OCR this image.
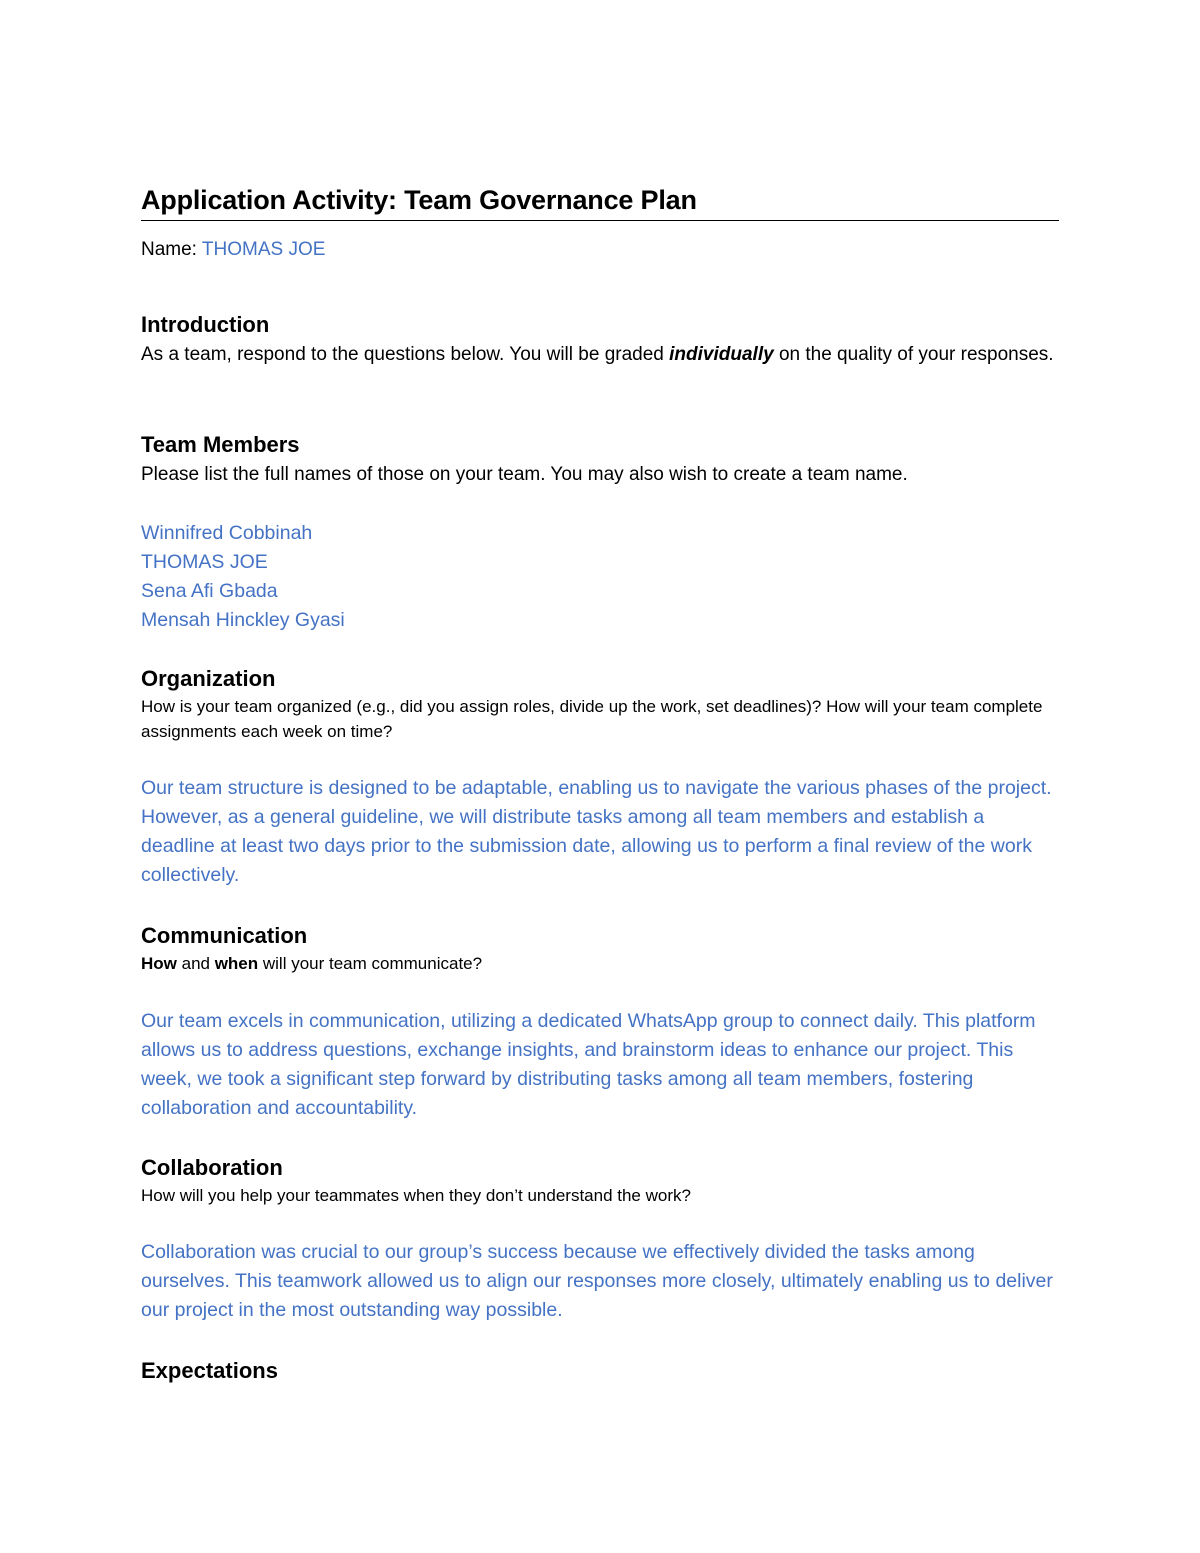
Application Activity: Team Governance Plan
Name: THOMAS JOE
Introduction

As a team, respond to the questions below. You will be graded individually on the quality of your responses.

Team Members

Please list the full names of those on your team. You may also wish to create a team name.

Winnifred Cobbinah
THOMAS JOE
Sena Afi Gbada
Mensah Hinckley Gyasi
Organization

How is your team organized (e.g., did you assign roles, divide up the work, set deadlines)? How will your team complete assignments each week on time?

Our team structure is designed to be adaptable, enabling us to navigate the various phases of the project. However, as a general guideline, we will distribute tasks among all team members and establish a deadline at least two days prior to the submission date, allowing us to perform a final review of the work collectively.

Communication

How and when will your team communicate?

Our team excels in communication, utilizing a dedicated WhatsApp group to connect daily. This platform allows us to address questions, exchange insights, and brainstorm ideas to enhance our project. This week, we took a significant step forward by distributing tasks among all team members, fostering collaboration and accountability.

Collaboration

How will you help your teammates when they don’t understand the work?

Collaboration was crucial to our group’s success because we effectively divided the tasks among ourselves. This teamwork allowed us to align our responses more closely, ultimately enabling us to deliver our project in the most outstanding way possible.

Expectations
